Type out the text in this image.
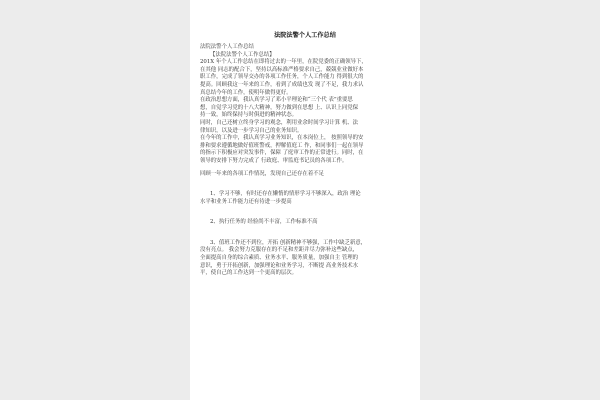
法院法警个人工作总结
法院法警个人工作总结
【法院法警个人工作总结】
201X 年个人工作总结在即将过去的一年里，在院党委的正确领导下，
在其他 同志的配合下，坚持以高标准严格要求自己，兢兢业业做好本
职工作，完成了领导交办的各项工作任务，个人工作能力 得到很大的
提高。回顾我这一年来的工作，看到了成绩也发 现了不足，我力求认
真总结今年的工作，使明年做得更好。
在政治思想方面，我认真学习了邓小平理论和“三个代 表”重要思
想，自觉学习党的十八大精神，努力做到在思想 上、认识上同党保
持一致，始终保持与时俱进的精神状态。
同时，自己还树立终身学习的观念，利用业余时间学习计算 机、法
律知识，以及进一步学习自己的业务知识。
在今年的工作中，我认真学习业务知识，在本岗位上， 按照领导的安
排和要求遵循地做好值班警戒，押解值庭工 作，和同事们一起在领导
的指示下积极应对突发事件，保障 了庭审工作的正常进行。同时，在
领导的安排下努力完成了 行政庭、审监庭书记员的各项工作。
回顾一年来的各项工作情况，发现自己还存在着不足
1、学习不够，有时还存在懒惰的情形学习不够深入，政治 理论
水平和业务工作能力还有待进一步提高
2、执行任务的 经验尚不丰富，工作标准不高
3、值班工作还不到位，开拓 创新精神不够强，工作中缺乏新意，
没有亮点。 我会努力克服存在的不足和差距并尽力弥补这些缺点，
全面提高自身的综合素质、业务水平、服务质量，加强自主 管理的
意识，勇于开拓创新，加强理论和业务学习，不断提 高业务技术水
平，使自己的工作达到一个更高的层次。
